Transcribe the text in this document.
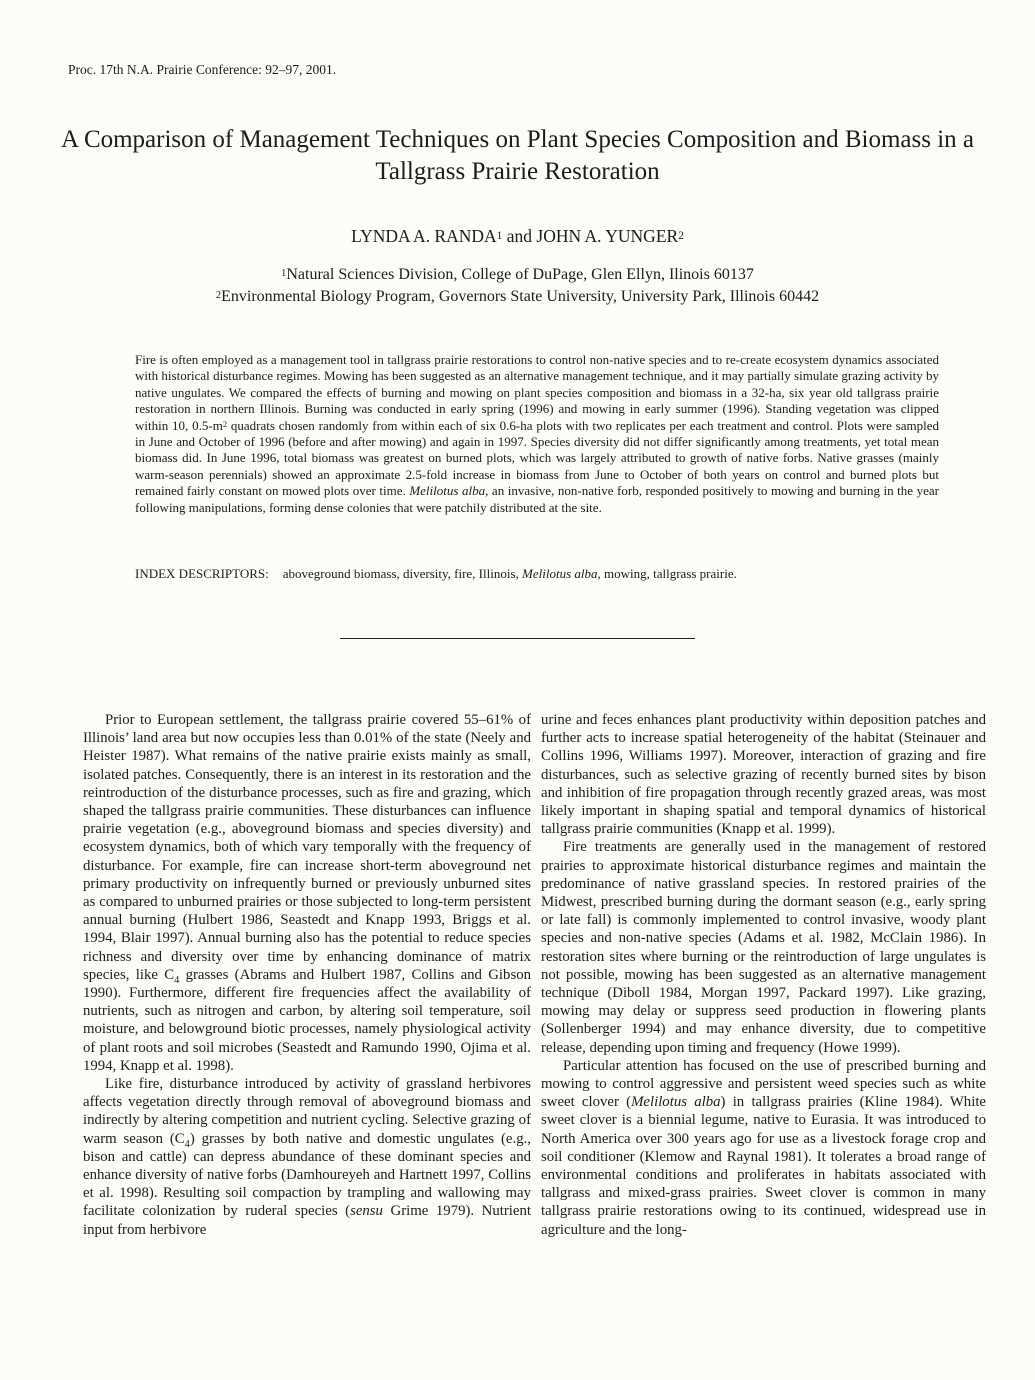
Proc. 17th N.A. Prairie Conference: 92–97, 2001.
A Comparison of Management Techniques on Plant Species Composition and Biomass in a Tallgrass Prairie Restoration
LYNDA A. RANDA$^1$ and JOHN A. YUNGER$^2$
$^1$Natural Sciences Division, College of DuPage, Glen Ellyn, Ilinois 60137
$^2$Environmental Biology Program, Governors State University, University Park, Illinois 60442

Fire is often employed as a management tool in tallgrass prairie restorations to control non-native species and to re-create ecosystem dynamics associated with historical disturbance regimes. Mowing has been suggested as an alternative management technique, and it may partially simulate grazing activity by native ungulates. We compared the effects of burning and mowing on plant species composition and biomass in a 32-ha, six year old tallgrass prairie restoration in northern Illinois. Burning was conducted in early spring (1996) and mowing in early summer (1996). Standing vegetation was clipped within 10, $0.5-m^2$ quadrats chosen randomly from within each of six 0.6-ha plots with two replicates per each treatment and control. Plots were sampled in June and October of 1996 (before and after mowing) and again in 1997. Species diversity did not differ significantly among treatments, yet total mean biomass did. In June 1996, total biomass was greatest on burned plots, which was largely attributed to growth of native forbs. Native grasses (mainly warm-season perennials) showed an approximate 2.5-fold increase in biomass from June to October of both years on control and burned plots but remained fairly constant on mowed plots over time. Melilotus alba, an invasive, non-native forb, responded positively to mowing and burning in the year following manipulations, forming dense colonies that were patchily distributed at the site.

INDEX DESCRIPTORS: aboveground biomass, diversity, fire, Illinois, Melilotus alba, mowing, tallgrass prairie.

Prior to European settlement, the tallgrass prairie covered 55–61% of Illinois’ land area but now occupies less than 0.01% of the state (Neely and Heister 1987). What remains of the native prairie exists mainly as small, isolated patches. Consequently, there is an interest in its restoration and the reintroduction of the disturbance processes, such as fire and grazing, which shaped the tallgrass prairie communities. These disturbances can influence prairie vegetation (e.g., aboveground biomass and species diversity) and ecosystem dynamics, both of which vary temporally with the frequency of disturbance. For example, fire can increase short-term aboveground net primary productivity on infrequently burned or previously unburned sites as compared to unburned prairies or those subjected to long-term persistent annual burning (Hulbert 1986, Seastedt and Knapp 1993, Briggs et al. 1994, Blair 1997). Annual burning also has the potential to reduce species richness and diversity over time by enhancing dominance of matrix species, like $C_4$ grasses (Abrams and Hulbert 1987, Collins and Gibson 1990). Furthermore, different fire frequencies affect the availability of nutrients, such as nitrogen and carbon, by altering soil temperature, soil moisture, and belowground biotic processes, namely physiological activity of plant roots and soil microbes (Seastedt and Ramundo 1990, Ojima et al. 1994, Knapp et al. 1998).

Like fire, disturbance introduced by activity of grassland herbivores affects vegetation directly through removal of aboveground biomass and indirectly by altering competition and nutrient cycling. Selective grazing of warm season $(C_4)$ grasses by both native and domestic ungulates (e.g., bison and cattle) can depress abundance of these dominant species and enhance diversity of native forbs (Damhoureyeh and Hartnett 1997, Collins et al. 1998). Resulting soil compaction by trampling and wallowing may facilitate colonization by ruderal species (sensu Grime 1979). Nutrient input from herbivore

urine and feces enhances plant productivity within deposition patches and further acts to increase spatial heterogeneity of the habitat (Steinauer and Collins 1996, Williams 1997). Moreover, interaction of grazing and fire disturbances, such as selective grazing of recently burned sites by bison and inhibition of fire propagation through recently grazed areas, was most likely important in shaping spatial and temporal dynamics of historical tallgrass prairie communities (Knapp et al. 1999).

Fire treatments are generally used in the management of restored prairies to approximate historical disturbance regimes and maintain the predominance of native grassland species. In restored prairies of the Midwest, prescribed burning during the dormant season (e.g., early spring or late fall) is commonly implemented to control invasive, woody plant species and non-native species (Adams et al. 1982, McClain 1986). In restoration sites where burning or the reintroduction of large ungulates is not possible, mowing has been suggested as an alternative management technique (Diboll 1984, Morgan 1997, Packard 1997). Like grazing, mowing may delay or suppress seed production in flowering plants (Sollenberger 1994) and may enhance diversity, due to competitive release, depending upon timing and frequency (Howe 1999).

Particular attention has focused on the use of prescribed burning and mowing to control aggressive and persistent weed species such as white sweet clover (Melilotus alba) in tallgrass prairies (Kline 1984). White sweet clover is a biennial legume, native to Eurasia. It was introduced to North America over 300 years ago for use as a livestock forage crop and soil conditioner (Klemow and Raynal 1981). It tolerates a broad range of environmental conditions and proliferates in habitats associated with tallgrass and mixed-grass prairies. Sweet clover is common in many tallgrass prairie restorations owing to its continued, widespread use in agriculture and the long-
